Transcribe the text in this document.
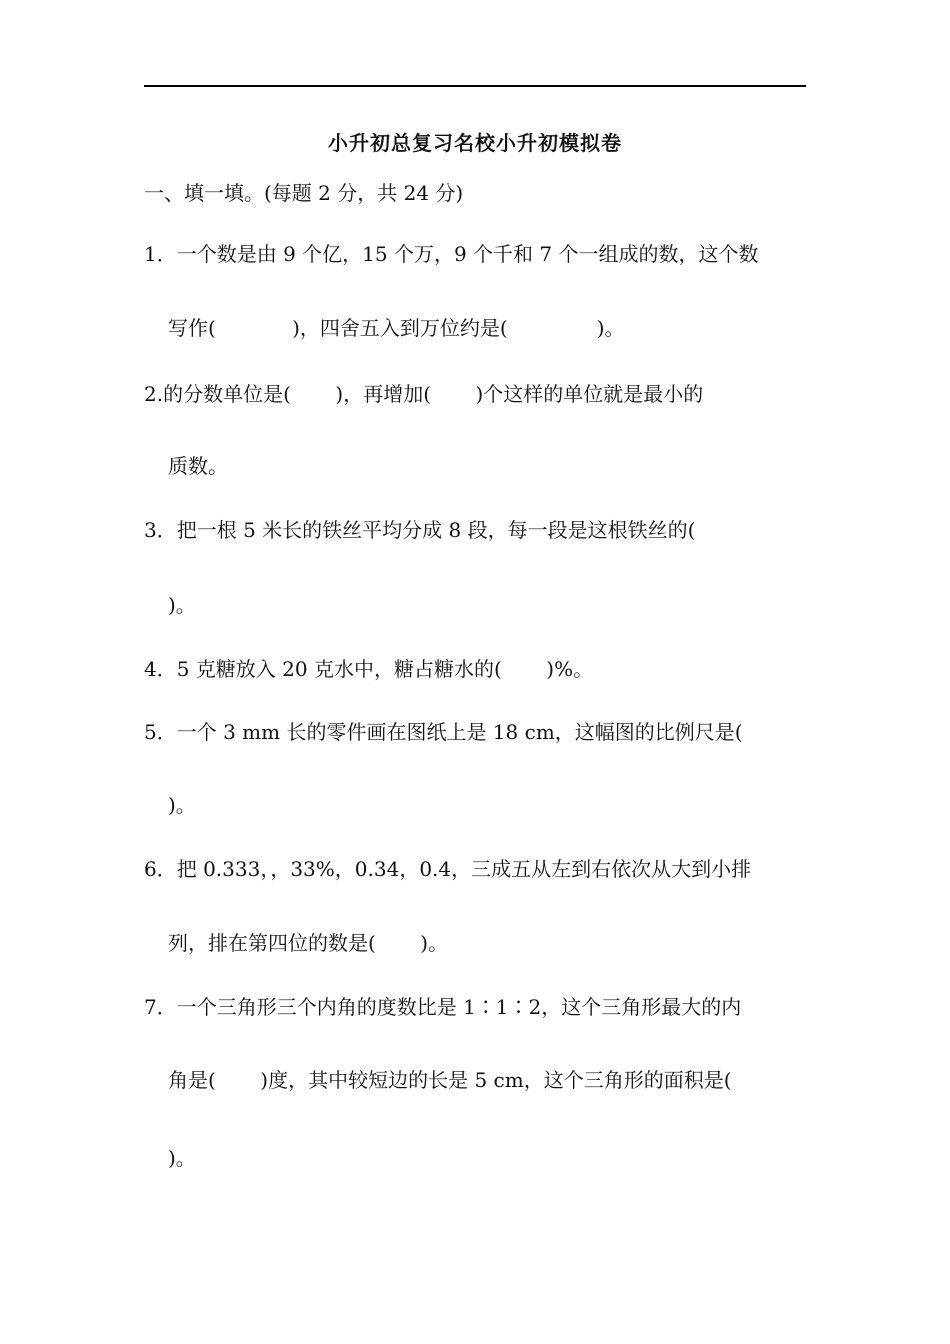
小升初总复习名校小升初模拟卷
一、填一填。(每题 2 分，共 24 分)
1．一个数是由 9 个亿，15 个万，9 个千和 7 个一组成的数，这个数
写作(            )，四舍五入到万位约是(              )。
2.的分数单位是(       )，再增加(       )个这样的单位就是最小的
质数。
3．把一根 5 米长的铁丝平均分成 8 段，每一段是这根铁丝的(
)。
4．5 克糖放入 20 克水中，糖占糖水的(       )%。
5．一个 3 mm 长的零件画在图纸上是 18 cm，这幅图的比例尺是(
)。
6．把 0.333，，33%，0.34，0.4，三成五从左到右依次从大到小排
列，排在第四位的数是(       )。
7．一个三角形三个内角的度数比是 1∶1∶2，这个三角形最大的内
角是(       )度，其中较短边的长是 5 cm，这个三角形的面积是(
)。
